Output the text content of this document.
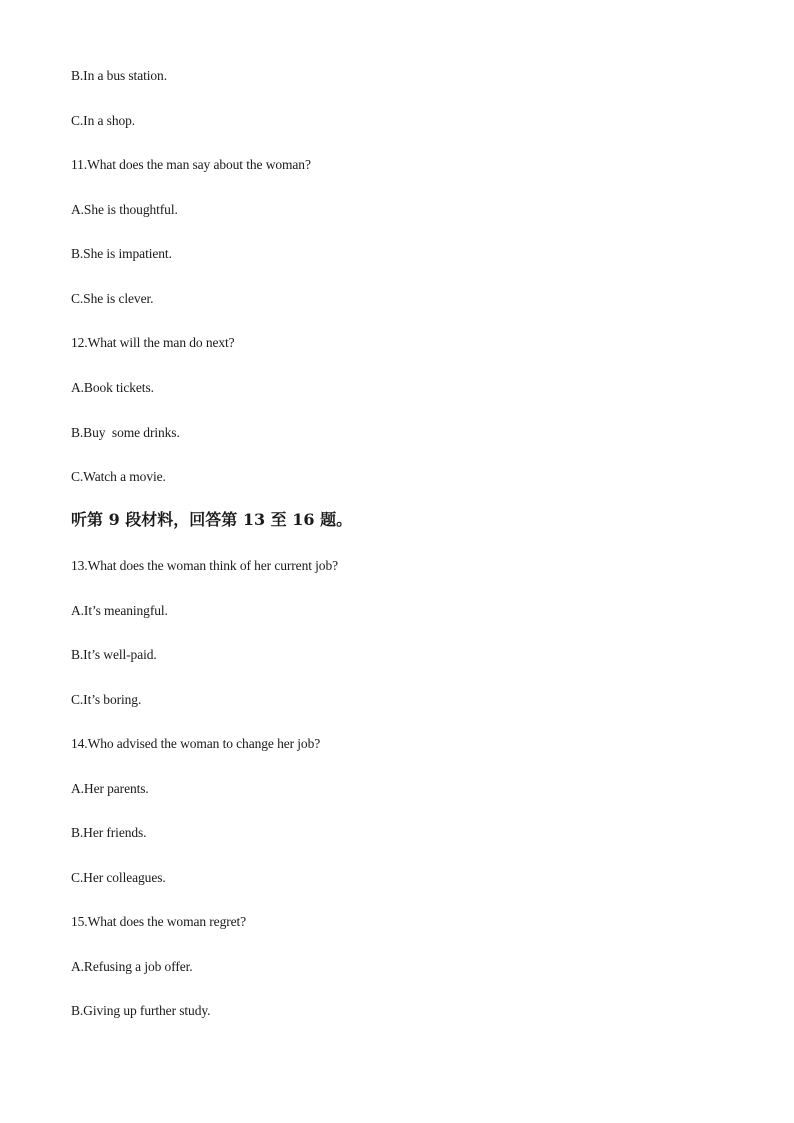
B.In a bus station.
C.In a shop.
11.What does the man say about the woman?
A.She is thoughtful.
B.She is impatient.
C.She is clever.
12.What will the man do next?
A.Book tickets.
B.Buy  some drinks.
C.Watch a movie.
听第 9 段材料，回答第 13 至 16 题。
13.What does the woman think of her current job?
A.It’s meaningful.
B.It’s well-paid.
C.It’s boring.
14.Who advised the woman to change her job?
A.Her parents.
B.Her friends.
C.Her colleagues.
15.What does the woman regret?
A.Refusing a job offer.
B.Giving up further study.
